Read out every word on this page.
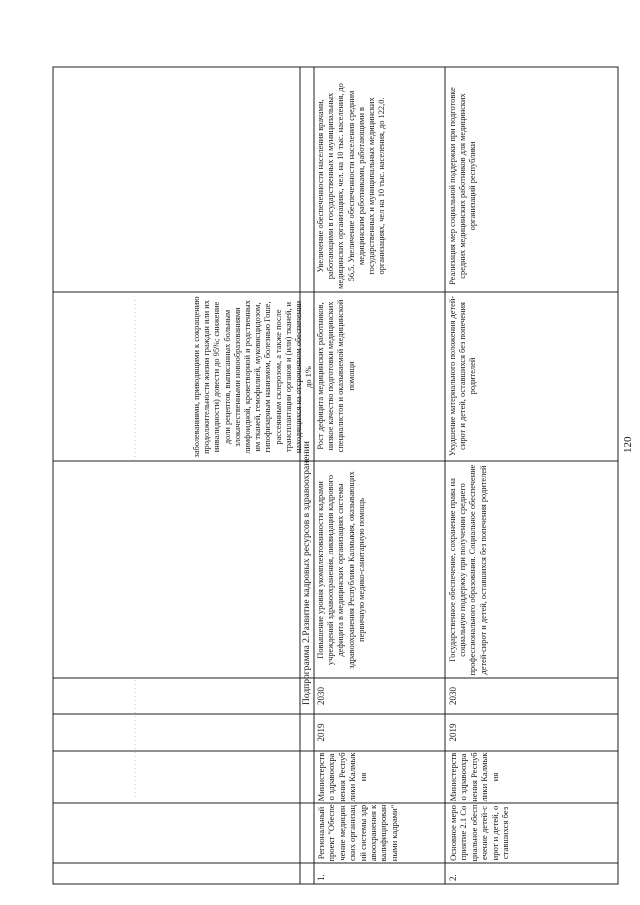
Подпрограмма 2.Развитие кадровых ресурсов в здравоохранении
заболеваниями, приводящими к сокращению продолжительности жизни граждан или их инвалидности) довести до 95%; снижение доли рецептов, выписанных больным злокачественными новообразованиями лимфоидной, кроветворной и родственных им тканей, гемофилией, муковисцидозом, гипофизарным нанизмом, болезнью Гоше, рассеянным склерозом, а также после трансплантации органов и (или) тканей, и находящихся на отсроченном обеспечении до 1%
1.
Региональный проект "Обеспечение медицинских организаций системы здравоохранения квалифицированными кадрами"
Министерство здравоохранения Республики Калмыкия
2019
2030
Повышение уровня укомплектованности кадрами учреждений здравоохранения, ликвидация кадрового дефицита в медицинских организациях системы здравоохранения Республики Калмыкия, оказывающих первичную медико-санитарную помощь
Рост дефицита медицинских работников, низкое качество подготовки медицинских специалистов и оказываемой медицинской помощи
Увеличение обеспеченности населения врачами, работающими в государственных и муниципальных медицинских организациях, чел. на 10 тыс. населения, до 56,5. Увеличение обеспеченности населения средним медицинским работниками, работающими в государственных и муниципальных медицинских организациях, чел на 10 тыс. населения, до 122,0.
2.
Основное мероприятие 2.1 Социальное обеспечение детей-сирот и детей, оставшихся без
Министерство здравоохранения Республики Калмыкия
2019
2030
Государственное обеспечение, сохранение права на социальную поддержку при получении среднего профессионального образования. Социальное обеспечение детей-сирот и детей, оставшихся без попечения родителей
Ухудшение материального положения детей-сирот и детей, оставшихся без попечения родителей
Реализация мер социальной поддержки при подготовке средних медицинских работников для медицинских организаций республики
120
